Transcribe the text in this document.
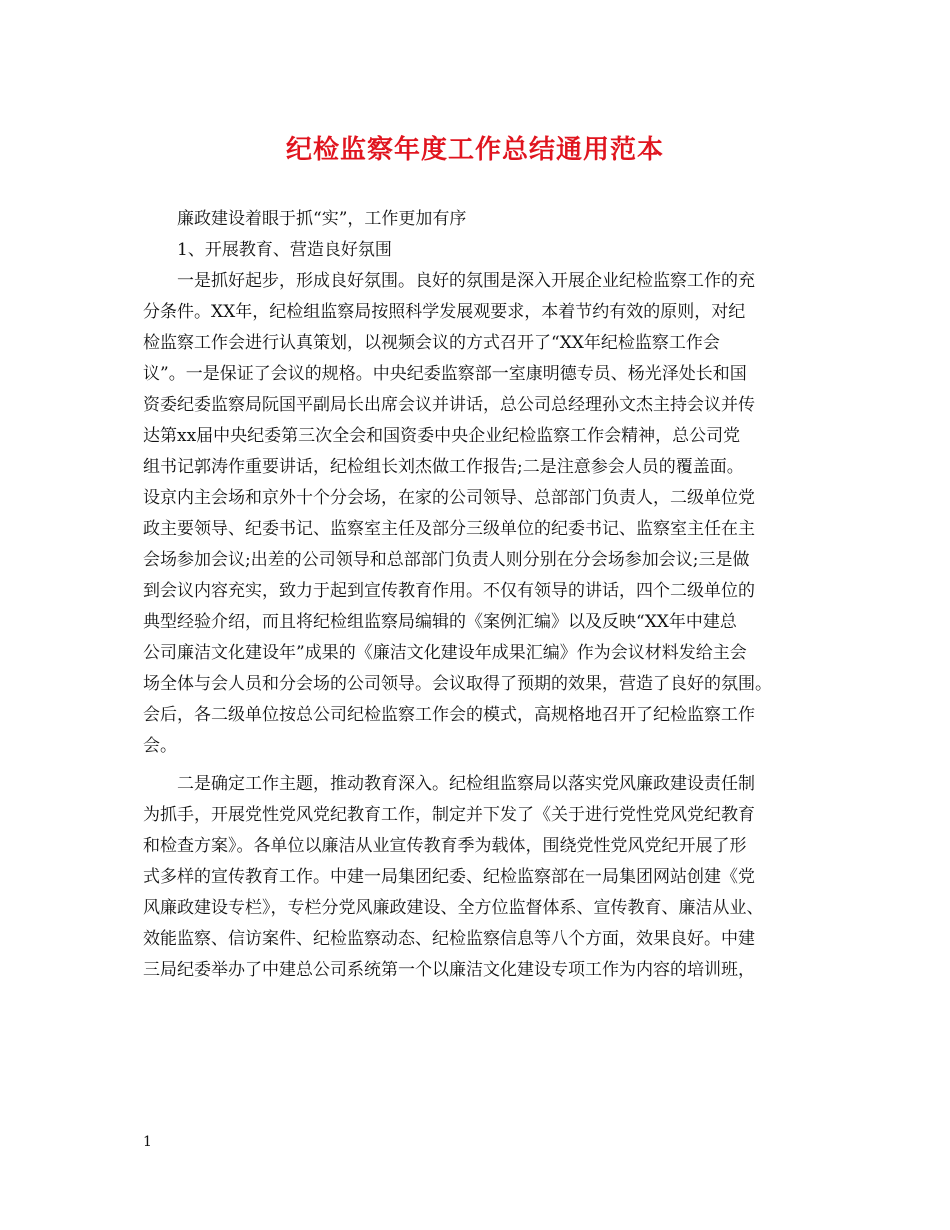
纪检监察年度工作总结通用范本
廉政建设着眼于抓“实”，工作更加有序
1、开展教育、营造良好氛围
一是抓好起步，形成良好氛围。良好的氛围是深入开展企业纪检监察工作的充
分条件。XX年，纪检组监察局按照科学发展观要求，本着节约有效的原则，对纪
检监察工作会进行认真策划，以视频会议的方式召开了“XX年纪检监察工作会
议”。一是保证了会议的规格。中央纪委监察部一室康明德专员、杨光泽处长和国
资委纪委监察局阮国平副局长出席会议并讲话，总公司总经理孙文杰主持会议并传
达第xx届中央纪委第三次全会和国资委中央企业纪检监察工作会精神，总公司党
组书记郭涛作重要讲话，纪检组长刘杰做工作报告;二是注意参会人员的覆盖面。
设京内主会场和京外十个分会场，在家的公司领导、总部部门负责人，二级单位党
政主要领导、纪委书记、监察室主任及部分三级单位的纪委书记、监察室主任在主
会场参加会议;出差的公司领导和总部部门负责人则分别在分会场参加会议;三是做
到会议内容充实，致力于起到宣传教育作用。不仅有领导的讲话，四个二级单位的
典型经验介绍，而且将纪检组监察局编辑的《案例汇编》以及反映“XX年中建总
公司廉洁文化建设年”成果的《廉洁文化建设年成果汇编》作为会议材料发给主会
场全体与会人员和分会场的公司领导。会议取得了预期的效果，营造了良好的氛围。
会后，各二级单位按总公司纪检监察工作会的模式，高规格地召开了纪检监察工作
会。
二是确定工作主题，推动教育深入。纪检组监察局以落实党风廉政建设责任制
为抓手，开展党性党风党纪教育工作，制定并下发了《关于进行党性党风党纪教育
和检查方案》。各单位以廉洁从业宣传教育季为载体，围绕党性党风党纪开展了形
式多样的宣传教育工作。中建一局集团纪委、纪检监察部在一局集团网站创建《党
风廉政建设专栏》，专栏分党风廉政建设、全方位监督体系、宣传教育、廉洁从业、
效能监察、信访案件、纪检监察动态、纪检监察信息等八个方面，效果良好。中建
三局纪委举办了中建总公司系统第一个以廉洁文化建设专项工作为内容的培训班，
1
